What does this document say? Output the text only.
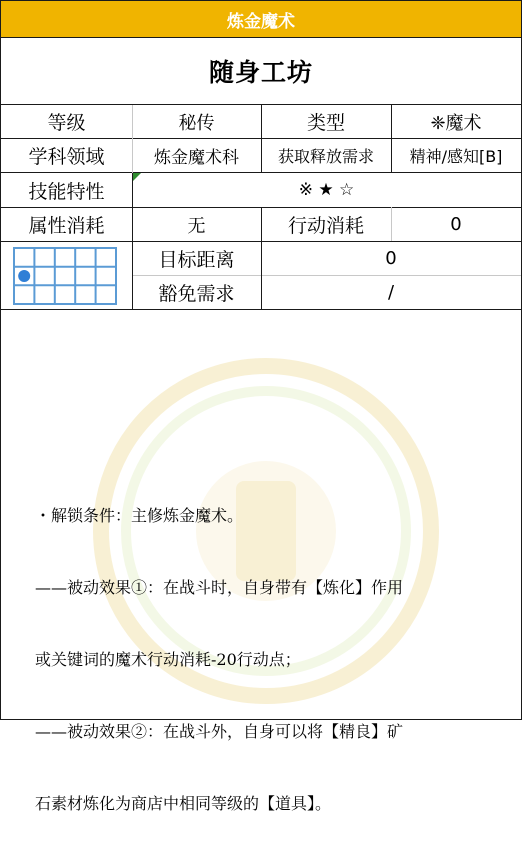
炼金魔术
随身工坊
等级	秘传	类型	❈魔术
学科领域	炼金魔术科	获取释放需求	精神/感知[B]
技能特性	※ ★ ☆
属性消耗	无	行动消耗	0
目标距离	0
豁免需求	/

・解锁条件：主修炼金魔术。

——被动效果①：在战斗时，自身带有【炼化】作用

或关键词的魔术行动消耗-20行动点；

——被动效果②：在战斗外，自身可以将【精良】矿

石素材炼化为商店中相同等级的【道具】。
